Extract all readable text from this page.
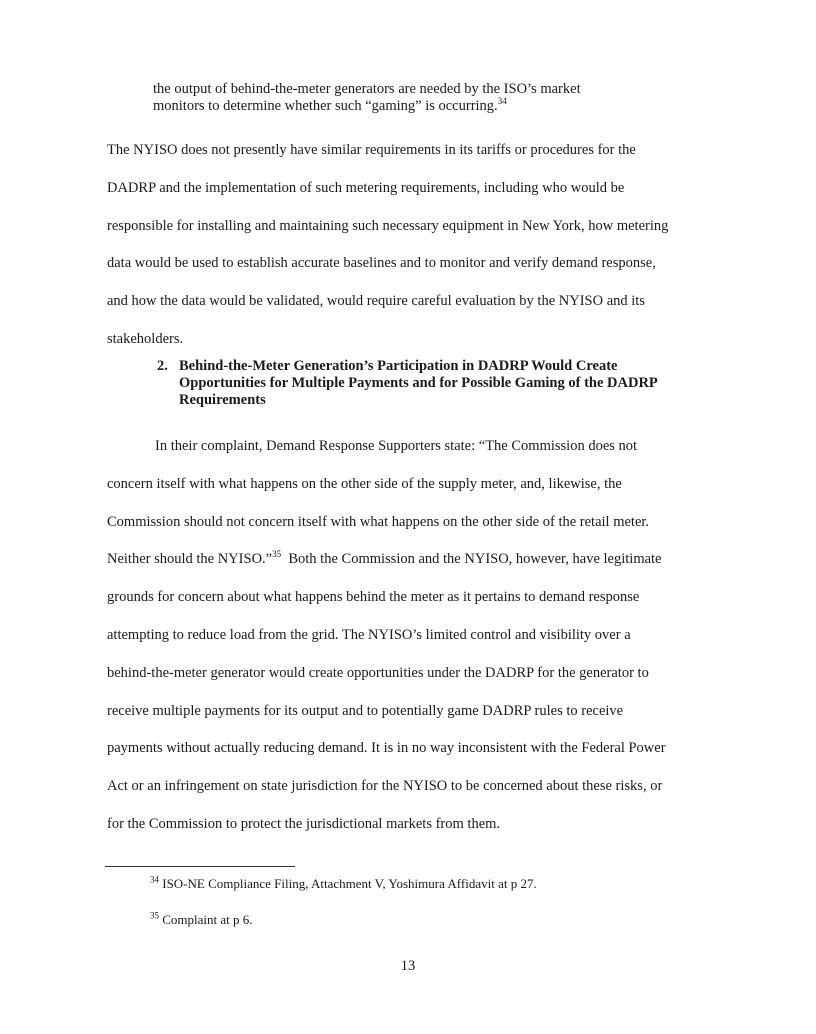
the output of behind-the-meter generators are needed by the ISO’s market
monitors to determine whether such “gaming” is occurring.$^{34}$
The NYISO does not presently have similar requirements in its tariffs or procedures for the
DADRP and the implementation of such metering requirements, including who would be
responsible for installing and maintaining such necessary equipment in New York, how metering
data would be used to establish accurate baselines and to monitor and verify demand response,
and how the data would be validated, would require careful evaluation by the NYISO and its
stakeholders.
2. Behind-the-Meter Generation’s Participation in DADRP Would Create
Opportunities for Multiple Payments and for Possible Gaming of the DADRP
Requirements
In their complaint, Demand Response Supporters state: “The Commission does not
concern itself with what happens on the other side of the supply meter, and, likewise, the
Commission should not concern itself with what happens on the other side of the retail meter.
Neither should the NYISO.”$^{35}$  Both the Commission and the NYISO, however, have legitimate
grounds for concern about what happens behind the meter as it pertains to demand response
attempting to reduce load from the grid. The NYISO’s limited control and visibility over a
behind-the-meter generator would create opportunities under the DADRP for the generator to
receive multiple payments for its output and to potentially game DADRP rules to receive
payments without actually reducing demand. It is in no way inconsistent with the Federal Power
Act or an infringement on state jurisdiction for the NYISO to be concerned about these risks, or
for the Commission to protect the jurisdictional markets from them.
$^{34}$ ISO-NE Compliance Filing, Attachment V, Yoshimura Affidavit at p 27.
$^{35}$ Complaint at p 6.
13
